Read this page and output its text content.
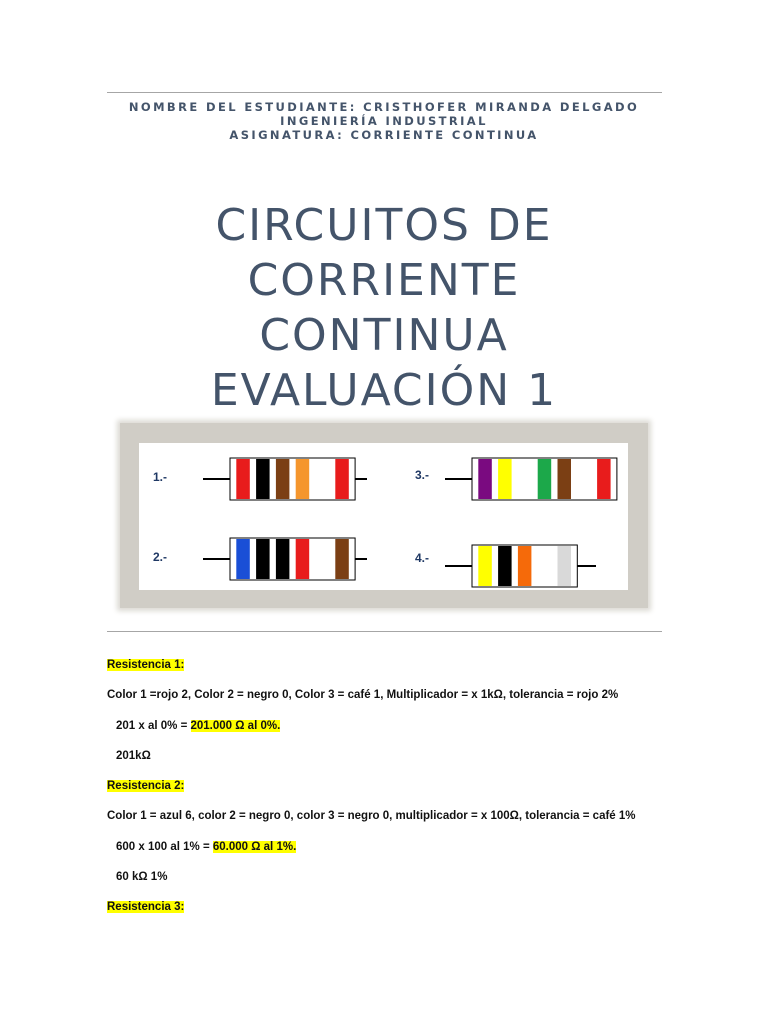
NOMBRE DEL ESTUDIANTE: CRISTHOFER MIRANDA DELGADO

INGENIERÍA INDUSTRIAL

ASIGNATURA: CORRIENTE CONTINUA

CIRCUITOS DE

CORRIENTE

CONTINUA

EVALUACIÓN 1

1.-
2.-
3.-
4.-

Resistencia 1:

Color 1 =rojo 2, Color 2 = negro 0, Color 3 = café 1, Multiplicador = x 1kΩ, tolerancia = rojo 2%

201 x al 0% = 201.000 Ω al 0%.

201kΩ

Resistencia 2:

Color 1 = azul 6, color 2 = negro 0, color 3 = negro 0, multiplicador = x 100Ω, tolerancia = café 1%

600 x 100 al 1% = 60.000 Ω al 1%.

60 kΩ 1%

Resistencia 3:
